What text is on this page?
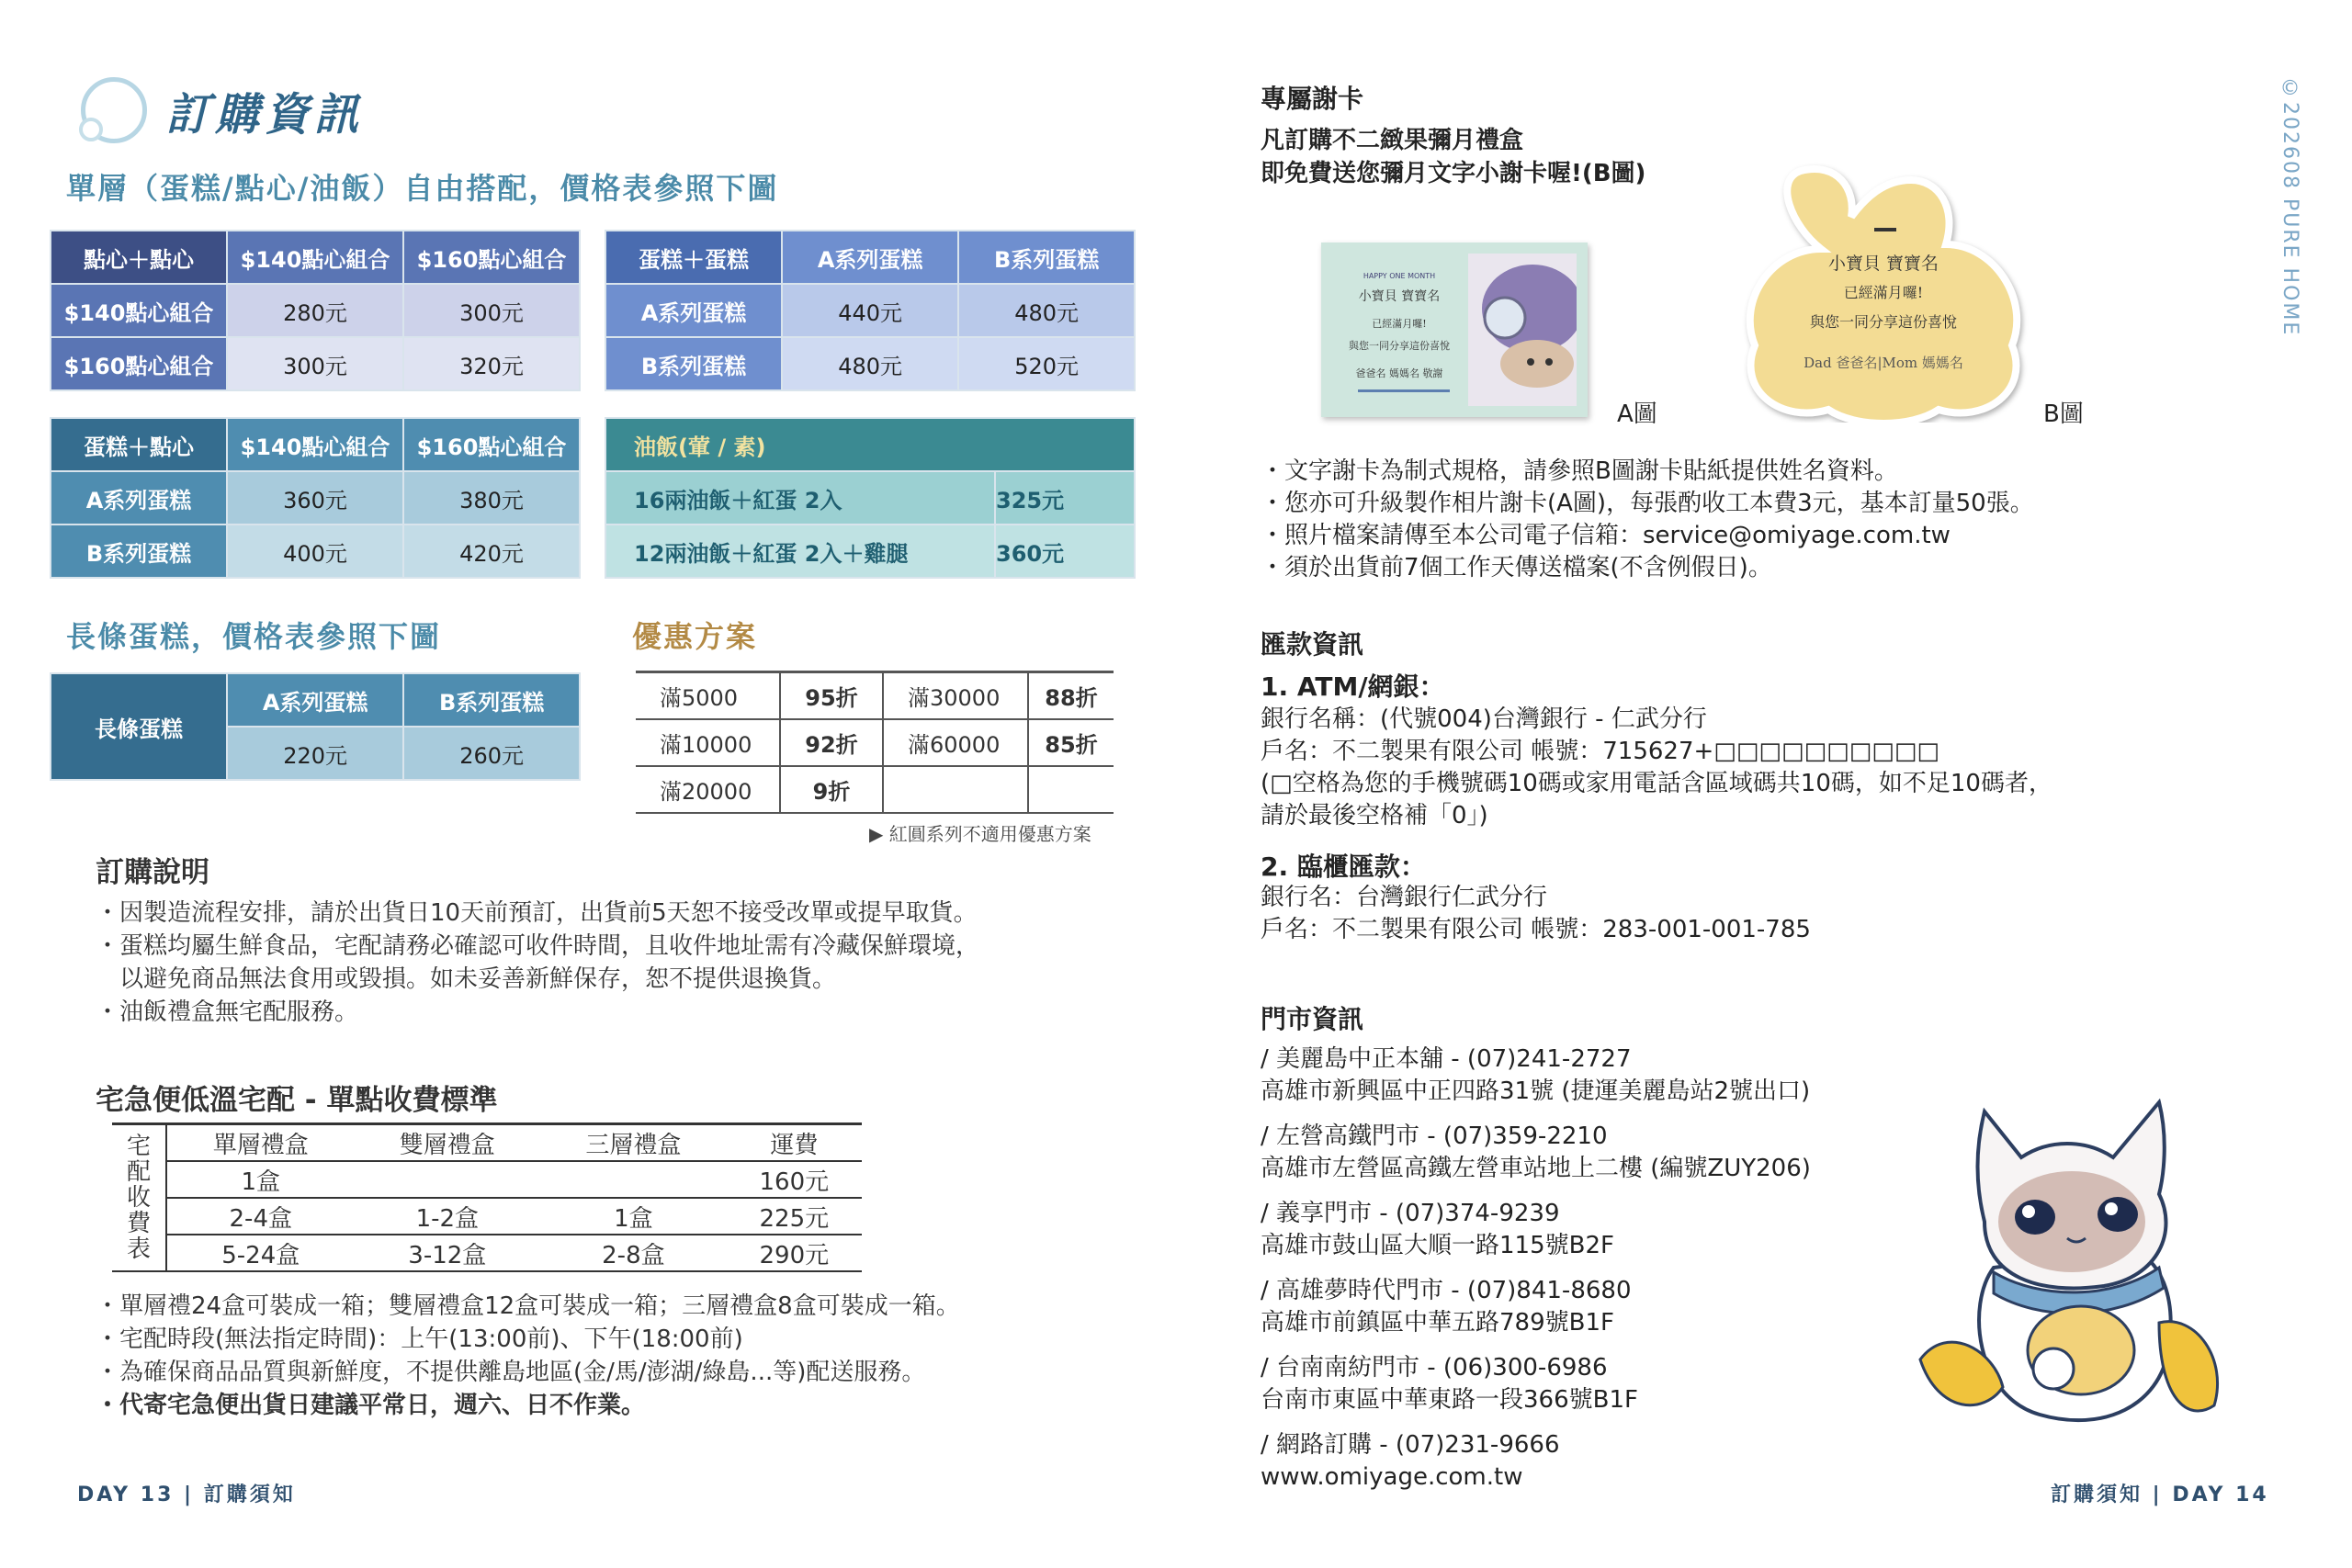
訂購資訊
單層（蛋糕/點心/油飯）自由搭配，價格表參照下圖
點心＋點心	$140點心組合	$160點心組合
$140點心組合	280元	300元
$160點心組合	300元	320元
蛋糕＋蛋糕	A系列蛋糕	B系列蛋糕
A系列蛋糕	440元	480元
B系列蛋糕	480元	520元
蛋糕＋點心	$140點心組合	$160點心組合
A系列蛋糕	360元	380元
B系列蛋糕	400元	420元
油飯(葷 / 素)	
16兩油飯＋紅蛋 2入	325元
12兩油飯＋紅蛋 2入＋雞腿	360元
長條蛋糕，價格表參照下圖
長條蛋糕	A系列蛋糕	B系列蛋糕
	220元	260元
優惠方案
滿5000	95折	滿30000	88折
滿10000	92折	滿60000	85折
滿20000	9折		
▶ 紅圓系列不適用優惠方案
訂購說明
・因製造流程安排，請於出貨日10天前預訂，出貨前5天恕不接受改單或提早取貨。
・蛋糕均屬生鮮食品，宅配請務必確認可收件時間，且收件地址需有冷藏保鮮環境，
以避免商品無法食用或毀損。如未妥善新鮮保存，恕不提供退換貨。
・油飯禮盒無宅配服務。
宅急便低溫宅配 - 單點收費標準
宅
配
收
費
表	單層禮盒	雙層禮盒	三層禮盒	運費
	1盒			160元
	2-4盒	1-2盒	1盒	225元
	5-24盒	3-12盒	2-8盒	290元
・單層禮24盒可裝成一箱；雙層禮盒12盒可裝成一箱；三層禮盒8盒可裝成一箱。
・宅配時段(無法指定時間)：上午(13:00前)、下午(18:00前)
・為確保商品品質與新鮮度，不提供離島地區(金/馬/澎湖/綠島...等)配送服務。
・代寄宅急便出貨日建議平常日，週六、日不作業。
DAY 13 | 訂購須知
©202608 PURE HOME
專屬謝卡
凡訂購不二緻果彌月禮盒
即免費送您彌月文字小謝卡喔!(B圖)
HAPPY ONE MONTH
小寶貝 寶寶名
已經滿月囉!
與您一同分享這份喜悅
爸爸名 媽媽名 敬謝
A圖
小寶貝 寶寶名
已經滿月囉!
與您一同分享這份喜悅
Dad 爸爸名|Mom 媽媽名
B圖
・文字謝卡為制式規格，請參照B圖謝卡貼紙提供姓名資料。
・您亦可升級製作相片謝卡(A圖)，每張酌收工本費3元，基本訂量50張。
・照片檔案請傳至本公司電子信箱：service@omiyage.com.tw
・須於出貨前7個工作天傳送檔案(不含例假日)。
匯款資訊
1. ATM/網銀：
銀行名稱：(代號004)台灣銀行 - 仁武分行
戶名：不二製果有限公司 帳號：715627+□□□□□□□□□□
(□空格為您的手機號碼10碼或家用電話含區域碼共10碼，如不足10碼者，
請於最後空格補「0」)
2. 臨櫃匯款：
銀行名：台灣銀行仁武分行
戶名：不二製果有限公司 帳號：283-001-001-785
門市資訊
/ 美麗島中正本舖 - (07)241-2727
高雄市新興區中正四路31號 (捷運美麗島站2號出口)
/ 左營高鐵門市 - (07)359-2210
高雄市左營區高鐵左營車站地上二樓 (編號ZUY206)
/ 義享門市 - (07)374-9239
高雄市鼓山區大順一路115號B2F
/ 高雄夢時代門市 - (07)841-8680
高雄市前鎮區中華五路789號B1F
/ 台南南紡門市 - (06)300-6986
台南市東區中華東路一段366號B1F
/ 網路訂購 - (07)231-9666
www.omiyage.com.tw
訂購須知 | DAY 14
